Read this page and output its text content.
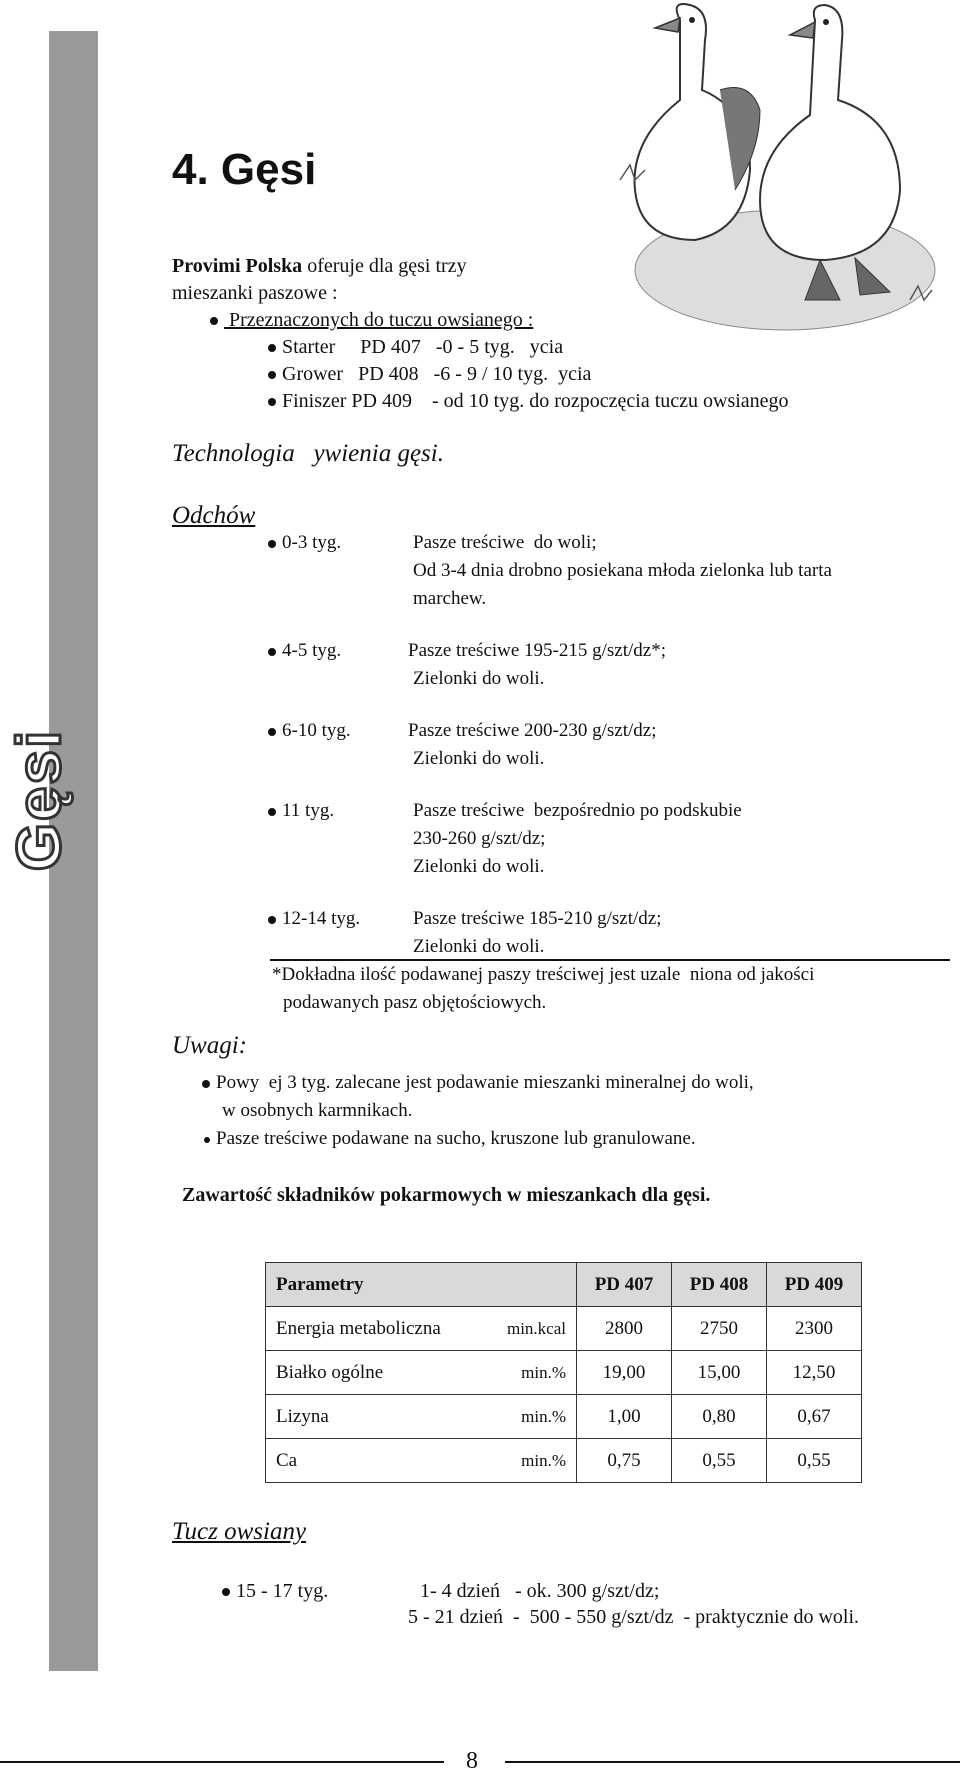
Gęsi
4. Gęsi
Provimi Polska oferuje dla gęsi trzy
mieszanki paszowe :
Przeznaczonych do tuczu owsianego :
Starter     PD 407   -0 - 5 tyg.   ycia
Grower   PD 408   -6 - 9 / 10 tyg.  ycia
Finiszer PD 409    - od 10 tyg. do rozpoczęcia tuczu owsianego
Technologia   ywienia gęsi.
Odchów
0-3 tyg.	Pasze treściwe  do woli;
Od 3-4 dnia drobno posiekana młoda zielonka lub tarta
marchew.
4-5 tyg.	Pasze treściwe 195-215 g/szt/dz*;
Zielonki do woli.
6-10 tyg.	Pasze treściwe 200-230 g/szt/dz;
Zielonki do woli.
11 tyg.	Pasze treściwe  bezpośrednio po podskubie
230-260 g/szt/dz;
Zielonki do woli.
12-14 tyg.	Pasze treściwe 185-210 g/szt/dz;
Zielonki do woli.
*Dokładna ilość podawanej paszy treściwej jest uzale  niona od jakości
podawanych pasz objętościowych.
Uwagi:
Powy  ej 3 tyg. zalecane jest podawanie mieszanki mineralnej do woli,
w osobnych karmnikach.
Pasze treściwe podawane na sucho, kruszone lub granulowane.
Zawartość składników pokarmowych w mieszankach dla gęsi.
Parametry		PD 407	PD 408	PD 409
Energia metaboliczna	min.kcal	2800	2750	2300
Białko ogólne	min.%	19,00	15,00	12,50
Lizyna	min.%	1,00	0,80	0,67
Ca	min.%	0,75	0,55	0,55
Tucz owsiany
15 - 17 tyg.	1- 4 dzień   - ok. 300 g/szt/dz;
5 - 21 dzień  -  500 - 550 g/szt/dz  - praktycznie do woli.
8
